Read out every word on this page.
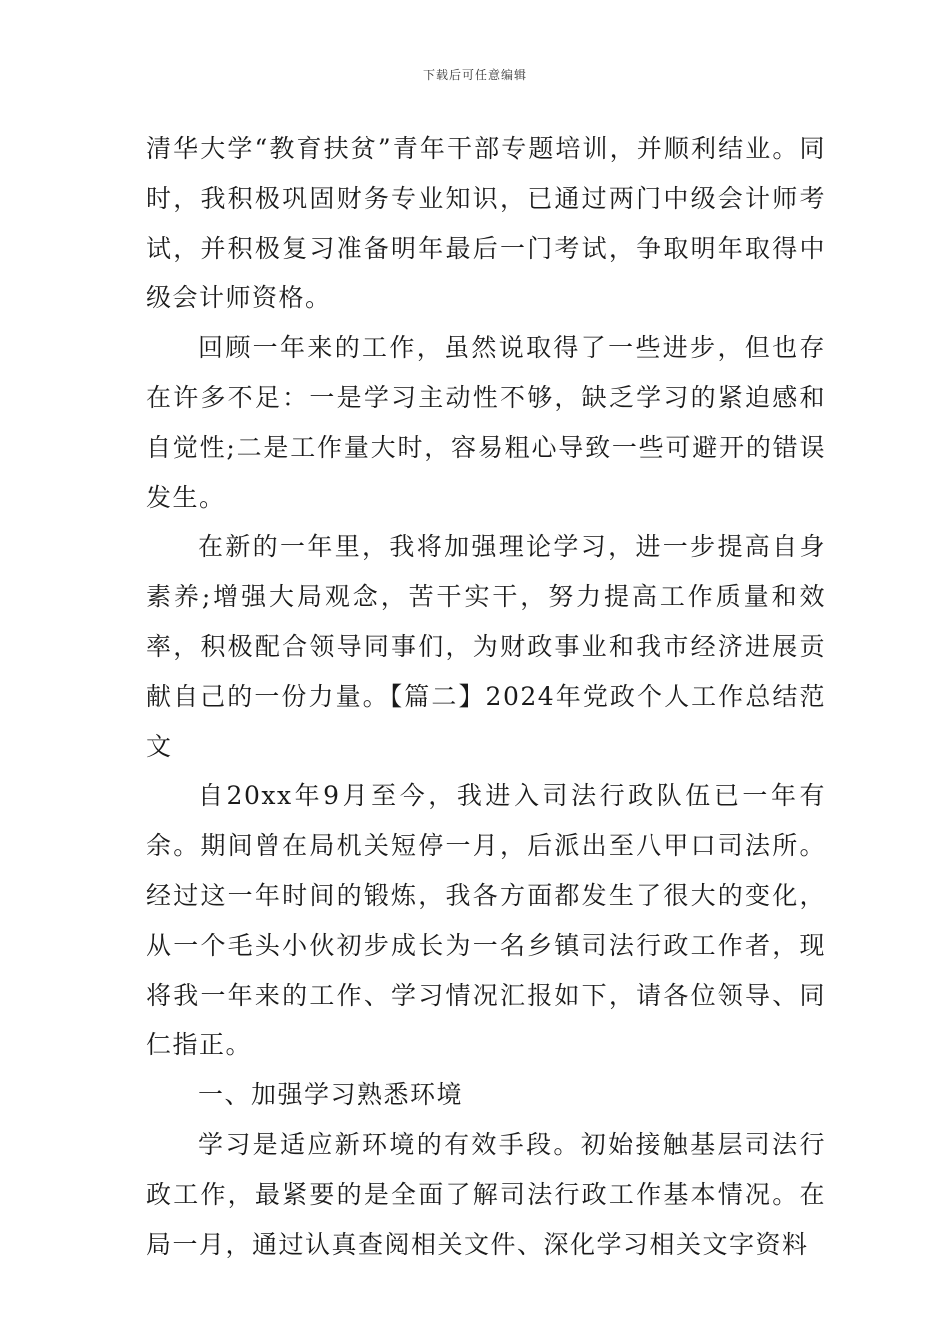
下载后可任意编辑

清华大学“教育扶贫”青年干部专题培训，并顺利结业。同时，我积极巩固财务专业知识，已通过两门中级会计师考试，并积极复习准备明年最后一门考试，争取明年取得中级会计师资格。

回顾一年来的工作，虽然说取得了一些进步，但也存在许多不足：一是学习主动性不够，缺乏学习的紧迫感和自觉性;二是工作量大时，容易粗心导致一些可避开的错误发生。

在新的一年里，我将加强理论学习，进一步提高自身素养;增强大局观念，苦干实干，努力提高工作质量和效率，积极配合领导同事们，为财政事业和我市经济进展贡献自己的一份力量。【篇二】2024年党政个人工作总结范文

自20xx年9月至今，我进入司法行政队伍已一年有余。期间曾在局机关短停一月，后派出至八甲口司法所。经过这一年时间的锻炼，我各方面都发生了很大的变化，从一个毛头小伙初步成长为一名乡镇司法行政工作者，现将我一年来的工作、学习情况汇报如下，请各位领导、同仁指正。

一、加强学习熟悉环境

学习是适应新环境的有效手段。初始接触基层司法行政工作，最紧要的是全面了解司法行政工作基本情况。在局一月，通过认真查阅相关文件、深化学习相关文字资料
